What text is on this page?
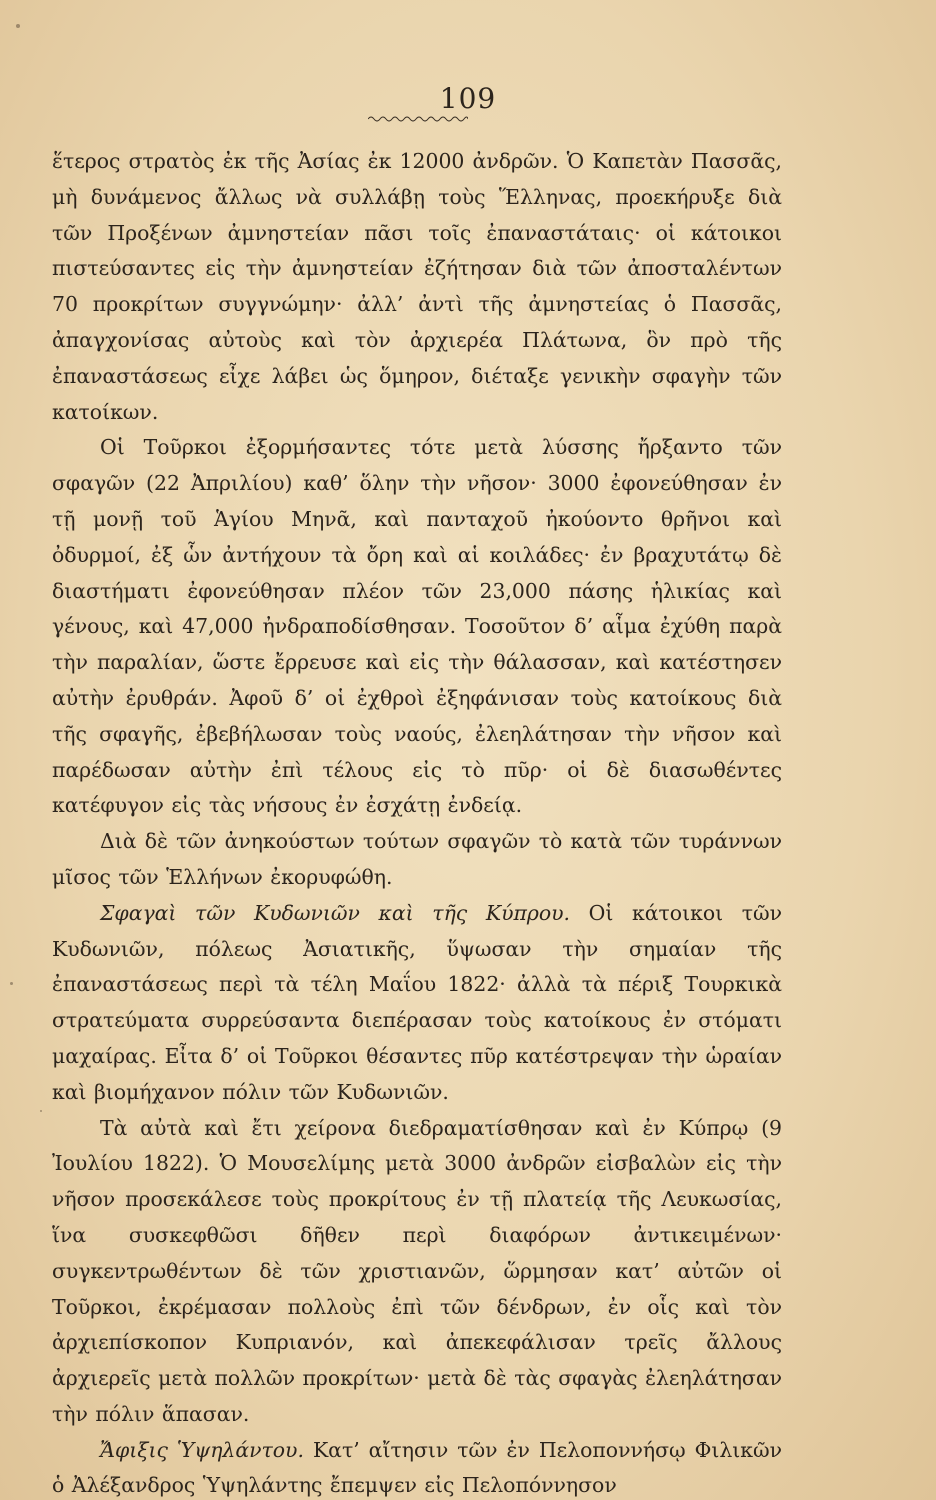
109

ἕτερος στρατὸς ἐκ τῆς Ἀσίας ἐκ 12000 ἀνδρῶν. Ὁ Καπετὰν Πασσᾶς, μὴ δυνάμενος ἄλλως νὰ συλλάβῃ τοὺς Ἕλληνας, προεκήρυξε διὰ τῶν Προξένων ἀμνηστείαν πᾶσι τοῖς ἐπαναστάταις· οἱ κάτοικοι πιστεύσαντες εἰς τὴν ἀμνηστείαν ἐζήτησαν διὰ τῶν ἀποσταλέντων 70 προκρίτων συγγνώμην· ἀλλ’ ἀντὶ τῆς ἀμνηστείας ὁ Πασσᾶς, ἀπαγχονίσας αὐτοὺς καὶ τὸν ἀρχιερέα Πλάτωνα, ὃν πρὸ τῆς ἐπαναστάσεως εἶχε λάβει ὡς ὅμηρον, διέταξε γενικὴν σφαγὴν τῶν κατοίκων.

Οἱ Τοῦρκοι ἐξορμήσαντες τότε μετὰ λύσσης ἤρξαντο τῶν σφαγῶν (22 Ἀπριλίου) καθ’ ὅλην τὴν νῆσον· 3000 ἐφονεύθησαν ἐν τῇ μονῇ τοῦ Ἁγίου Μηνᾶ, καὶ πανταχοῦ ἠκούοντο θρῆνοι καὶ ὀδυρμοί, ἐξ ὧν ἀντήχουν τὰ ὄρη καὶ αἱ κοιλάδες· ἐν βραχυτάτῳ δὲ διαστήματι ἐφονεύθησαν πλέον τῶν 23,000 πάσης ἡλικίας καὶ γένους, καὶ 47,000 ἠνδραποδίσθησαν. Τοσοῦτον δ’ αἷμα ἐχύθη παρὰ τὴν παραλίαν, ὥστε ἔρρευσε καὶ εἰς τὴν θάλασσαν, καὶ κατέστησεν αὐτὴν ἐρυθράν. Ἀφοῦ δ’ οἱ ἐχθροὶ ἐξηφάνισαν τοὺς κατοίκους διὰ τῆς σφαγῆς, ἐβεβήλωσαν τοὺς ναούς, ἐλεηλάτησαν τὴν νῆσον καὶ παρέδωσαν αὐτὴν ἐπὶ τέλους εἰς τὸ πῦρ· οἱ δὲ διασωθέντες κατέφυγον εἰς τὰς νήσους ἐν ἐσχάτῃ ἐνδείᾳ.

Διὰ δὲ τῶν ἀνηκούστων τούτων σφαγῶν τὸ κατὰ τῶν τυράννων μῖσος τῶν Ἑλλήνων ἐκορυφώθη.

Σφαγαὶ τῶν Κυδωνιῶν καὶ τῆς Κύπρου. Οἱ κάτοικοι τῶν Κυδωνιῶν, πόλεως Ἀσιατικῆς, ὕψωσαν τὴν σημαίαν τῆς ἐπαναστάσεως περὶ τὰ τέλη Μαΐου 1822· ἀλλὰ τὰ πέριξ Τουρκικὰ στρατεύματα συρρεύσαντα διεπέρασαν τοὺς κατοίκους ἐν στόματι μαχαίρας. Εἶτα δ’ οἱ Τοῦρκοι θέσαντες πῦρ κατέστρεψαν τὴν ὡραίαν καὶ βιομήχανον πόλιν τῶν Κυδωνιῶν.

Τὰ αὐτὰ καὶ ἔτι χείρονα διεδραματίσθησαν καὶ ἐν Κύπρῳ (9 Ἰουλίου 1822). Ὁ Μουσελίμης μετὰ 3000 ἀνδρῶν εἰσβαλὼν εἰς τὴν νῆσον προσεκάλεσε τοὺς προκρίτους ἐν τῇ πλατείᾳ τῆς Λευκωσίας, ἵνα συσκεφθῶσι δῆθεν περὶ διαφόρων ἀντικειμένων· συγκεντρωθέντων δὲ τῶν χριστιανῶν, ὥρμησαν κατ’ αὐτῶν οἱ Τοῦρκοι, ἐκρέμασαν πολλοὺς ἐπὶ τῶν δένδρων, ἐν οἷς καὶ τὸν ἀρχιεπίσκοπον Κυπριανόν, καὶ ἀπεκεφάλισαν τρεῖς ἄλλους ἀρχιερεῖς μετὰ πολλῶν προκρίτων· μετὰ δὲ τὰς σφαγὰς ἐλεηλάτησαν τὴν πόλιν ἅπασαν.

Ἄφιξις Ὑψηλάντου. Κατ’ αἴτησιν τῶν ἐν Πελοποννήσῳ Φιλικῶν ὁ Ἀλέξανδρος Ὑψηλάντης ἔπεμψεν εἰς Πελοπόννησον
